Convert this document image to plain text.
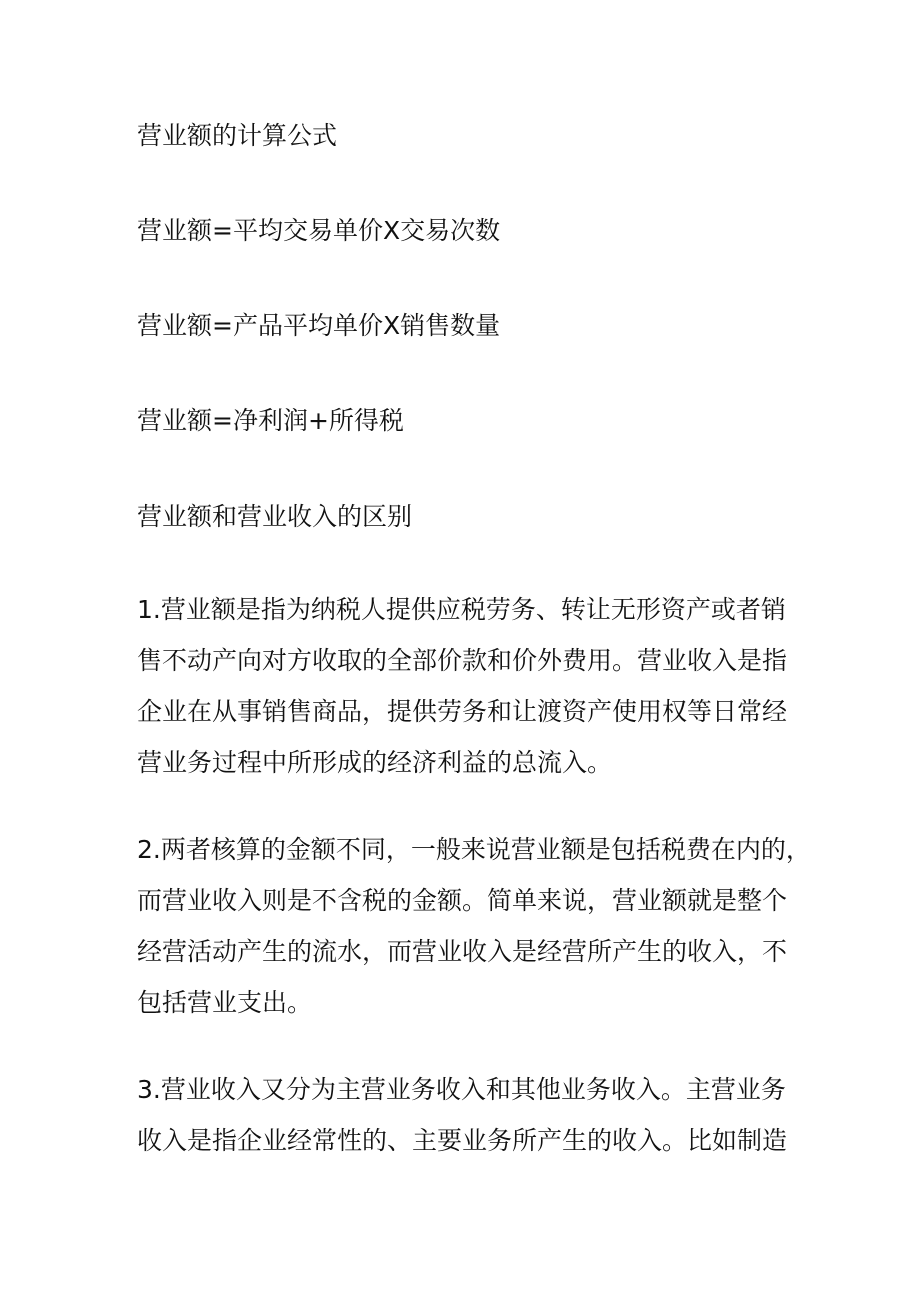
营业额的计算公式
营业额=平均交易单价X交易次数
营业额=产品平均单价X销售数量
营业额=净利润+所得税
营业额和营业收入的区别
1.营业额是指为纳税人提供应税劳务、转让无形资产或者销
售不动产向对方收取的全部价款和价外费用。营业收入是指
企业在从事销售商品，提供劳务和让渡资产使用权等日常经
营业务过程中所形成的经济利益的总流入。
2.两者核算的金额不同，一般来说营业额是包括税费在内的，
而营业收入则是不含税的金额。简单来说，营业额就是整个
经营活动产生的流水，而营业收入是经营所产生的收入，不
包括营业支出。
3.营业收入又分为主营业务收入和其他业务收入。主营业务
收入是指企业经常性的、主要业务所产生的收入。比如制造
